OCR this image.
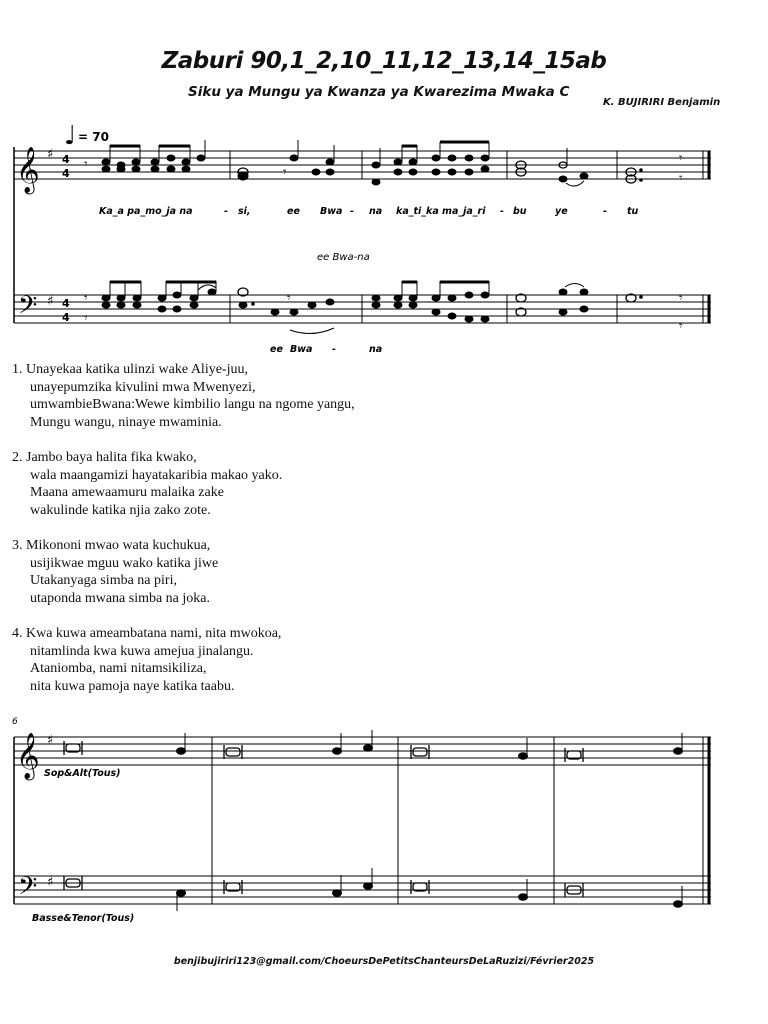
Zaburi 90,1_2,10_11,12_13,14_15ab
Siku ya Mungu ya Kwanza ya Kwarezima Mwaka C
K. BUJIRIRI Benjamin
♩ = 70
𝄞
𝄢
♯
♯
4
4
4
4
𝄾
𝄾
𝄾
𝄾
Ka_a pa_mo_ja na	- si,	ee Bwa - na ka_ti_ka ma_ja_ri - bu	ye	- tu
ee Bwa-na
𝄾
𝄾
𝄾	𝄾
𝄾
ee Bwa -	na
1. Unayekaa katika ulinzi wake Aliye-juu,
unayepumzika kivulini mwa Mwenyezi,
umwambieBwana:Wewe kimbilio langu na ngome yangu,
Mungu wangu, ninaye mwaminia.
2. Jambo baya halita fika kwako,
wala maangamizi hayatakaribia makao yako.
Maana amewaamuru malaika zake
wakulinde katika njia zako zote.
3. Mikononi mwao wata kuchukua,
usijikwae mguu wako katika jiwe
Utakanyaga simba na piri,
utaponda mwana simba na joka.
4. Kwa kuwa ameambatana nami, nita mwokoa,
nitamlinda kwa kuwa amejua jinalangu.
Ataniomba, nami nitamsikiliza,
nita kuwa pamoja naye katika taabu.
6
𝄞
𝄢
♯
♯
Sop&Alt(Tous)
Basse&Tenor(Tous)
benjibujiriri123@gmail.com/ChoeursDePetitsChanteursDeLaRuzizi/Février2025
